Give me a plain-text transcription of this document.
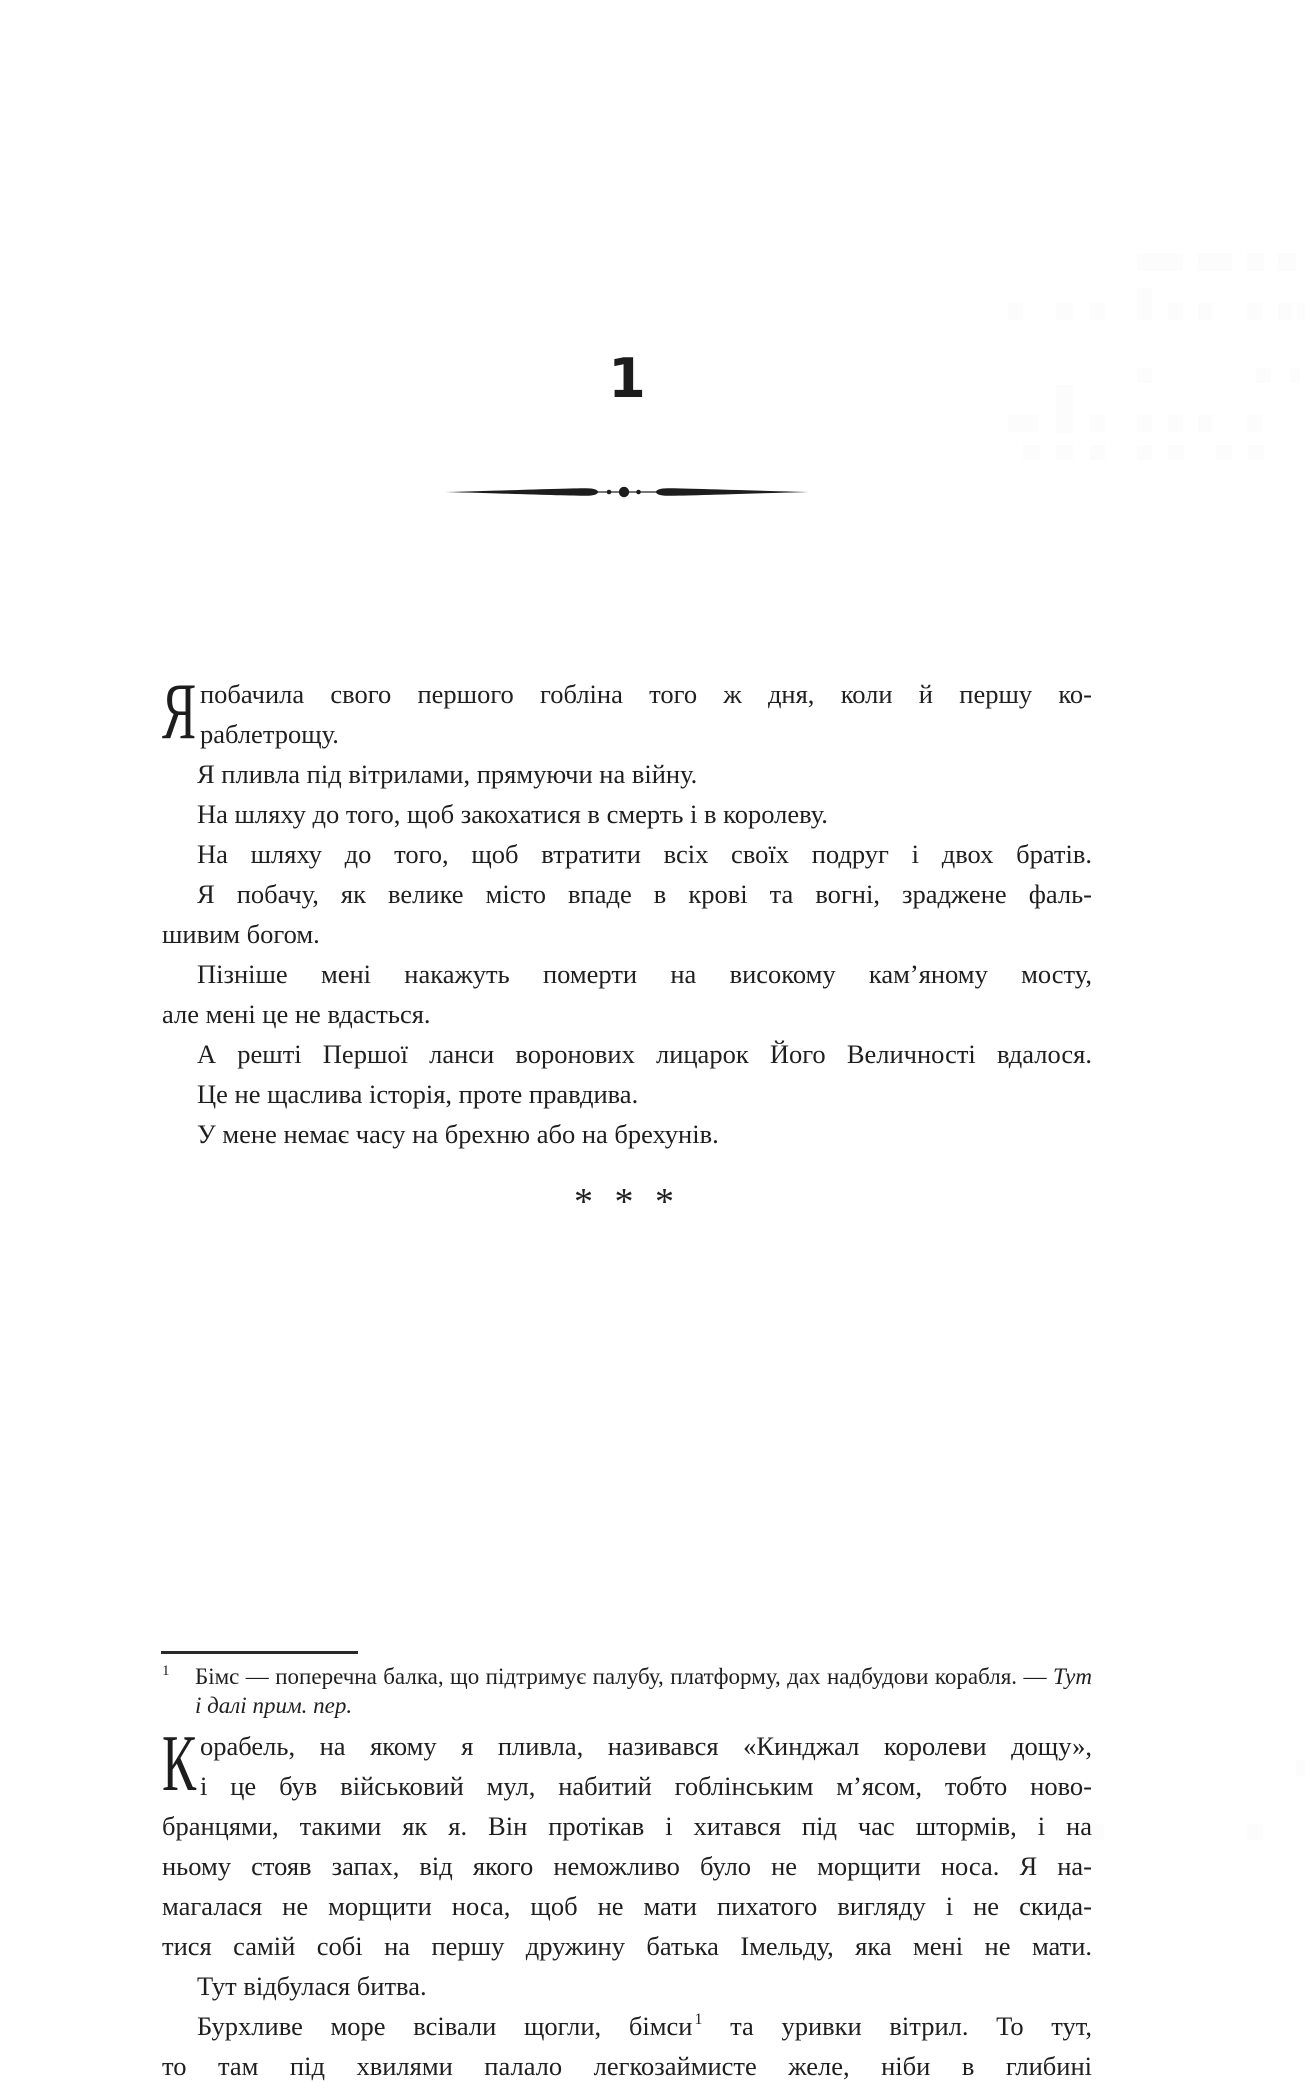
1
Я побачила свого першого гобліна того ж дня, коли й першу ко-
раблетрощу.
Я пливла під вітрилами, прямуючи на війну.
На шляху до того, щоб закохатися в смерть і в королеву.
На шляху до того, щоб втратити всіх своїх подруг і двох братів.
Я побачу, як велике місто впаде в крові та вогні, зраджене фаль-
шивим богом.
Пізніше мені накажуть померти на високому кам’яному мосту,
але мені це не вдасться.
А решті Першої ланси воронових лицарок Його Величності вдалося.
Це не щаслива історія, проте правдива.
У мене немає часу на брехню або на брехунів.
* * *
К орабель, на якому я пливла, називався «Кинджал королеви дощу»,
і це був військовий мул, набитий гоблінським м’ясом, тобто ново-
бранцями, такими як я. Він протікав і хитався під час штормів, і на
ньому стояв запах, від якого неможливо було не морщити носа. Я на-
магалася не морщити носа, щоб не мати пихатого вигляду і не скида-
тися самій собі на першу дружину батька Імельду, яка мені не мати.
Тут відбулася битва.
Бурхливе море всівали щогли, бімси $^1$ та уривки вітрил. То тут,
то там під хвилями палало легкозаймисте желе, ніби в глибині
1 Бімс — поперечна балка, що підтримує палубу, платформу, дах надбудови корабля. — Тут
і далі прим. пер.
